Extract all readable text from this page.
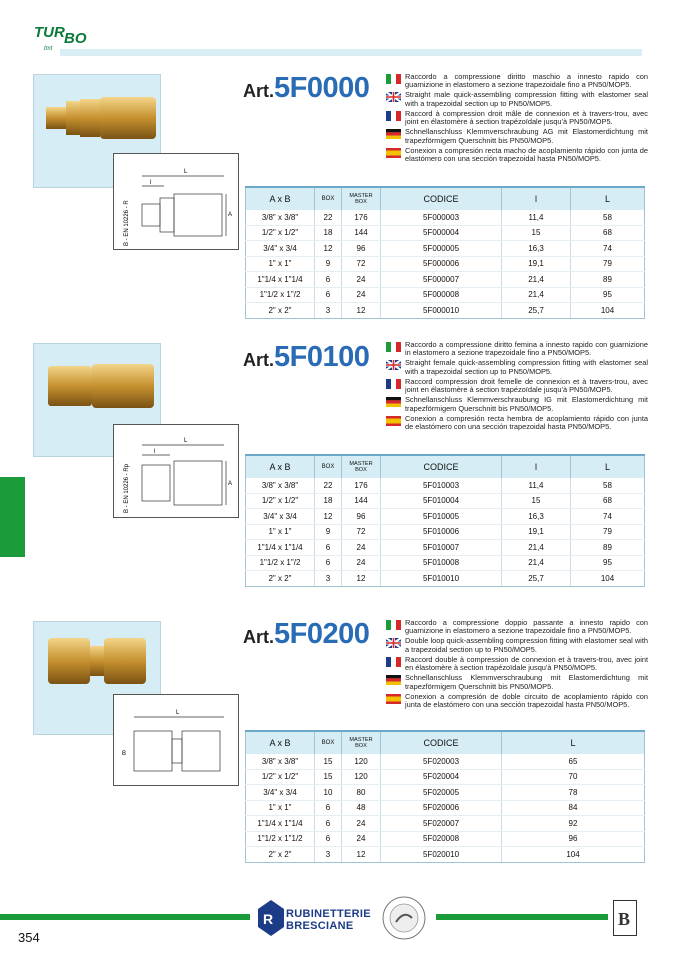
TUR BO
tmt
L
l
A
B - EN 10226 - R
Art.5F0000	Raccordo a compressione diritto maschio a innesto rapido con guarnizione in elastomero a sezione trapezoidale fino a PN50/MOP5.
Straight male quick-assembling compression fitting with elastomer seal with a trapezoidal section up to PN50/MOP5.
Raccord à compression droit mâle de connexion et à travers-trou, avec joint en élastomère à section trapézoïdale jusqu'à PN50/MOP5.
Schnellanschluss Klemmverschraubung AG mit Elastomerdichtung mit trapezförmigem Querschnitt bis PN50/MOP5.
Conexion a compresión recta macho de acoplamiento rápido con junta de elastómero con una sección trapezoidal hasta PN50/MOP5.
A x B	BOX	MASTER BOX	CODICE	l	L
3/8" x 3/8"	22	176	5F000003	11,4	58
1/2" x 1/2"	18	144	5F000004	15	68
3/4" x 3/4	12	96	5F000005	16,3	74
1" x 1"	9	72	5F000006	19,1	79
1"1/4 x 1"1/4	6	24	5F000007	21,4	89
1"1/2 x 1"/2	6	24	5F000008	21,4	95
2" x 2"	3	12	5F000010	25,7	104
L
l
A
B - EN 10226 - Rp
Art.5F0100	Raccordo a compressione diritto femina a innesto rapido con guarnizione in elastomero a sezione trapezoidale fino a PN50/MOP5.
Straight female quick-assembling compression fitting with elastomer seal with a trapezoidal section up to PN50/MOP5.
Raccord compression droit femelle de connexion et à travers-trou, avec joint en élastomère à section trapézoïdale jusqu'à PN50/MOP5.
Schnellanschluss Klemmverschraubung IG mit Elastomerdichtung mit trapezförmigem Querschnitt bis PN50/MOP5.
Conexion a compresión recta hembra de acoplamiento rápido con junta de elastómero con una sección trapezoidal hasta PN50/MOP5.
A x B	BOX	MASTER BOX	CODICE	l	L
3/8" x 3/8"	22	176	5F010003	11,4	58
1/2" x 1/2"	18	144	5F010004	15	68
3/4" x 3/4	12	96	5F010005	16,3	74
1" x 1"	9	72	5F010006	19,1	79
1"1/4 x 1"1/4	6	24	5F010007	21,4	89
1"1/2 x 1"/2	6	24	5F010008	21,4	95
2" x 2"	3	12	5F010010	25,7	104
L
B
Art.5F0200	Raccordo a compressione doppio passante a innesto rapido con guarnizione in elastomero a sezione trapezoidale fino a PN50/MOP5.
Double loop quick-assembling compression fitting with elastomer seal with a trapezoidal section up to PN50/MOP5.
Raccord double à compression de connexion et à travers-trou, avec joint en élastomère à section trapézoïdale jusqu'à PN50/MOP5.
Schnellanschluss Klemmverschraubung mit Elastomerdichtung mit trapezförmigem Querschnitt bis PN50/MOP5.
Conexion a compresión de doble circuito de acoplamiento rápido con junta de elastómero con una sección trapezoidal hasta PN50/MOP5.
A x B	BOX	MASTER BOX	CODICE	L
3/8" x 3/8"	15	120	5F020003	65
1/2" x 1/2"	15	120	5F020004	70
3/4" x 3/4	10	80	5F020005	78
1" x 1"	6	48	5F020006	84
1"1/4 x 1"1/4	6	24	5F020007	92
1"1/2 x 1"1/2	6	24	5F020008	96
2" x 2"	3	12	5F020010	104
354
R RUBINETTERIE
BRESCIANE	B
